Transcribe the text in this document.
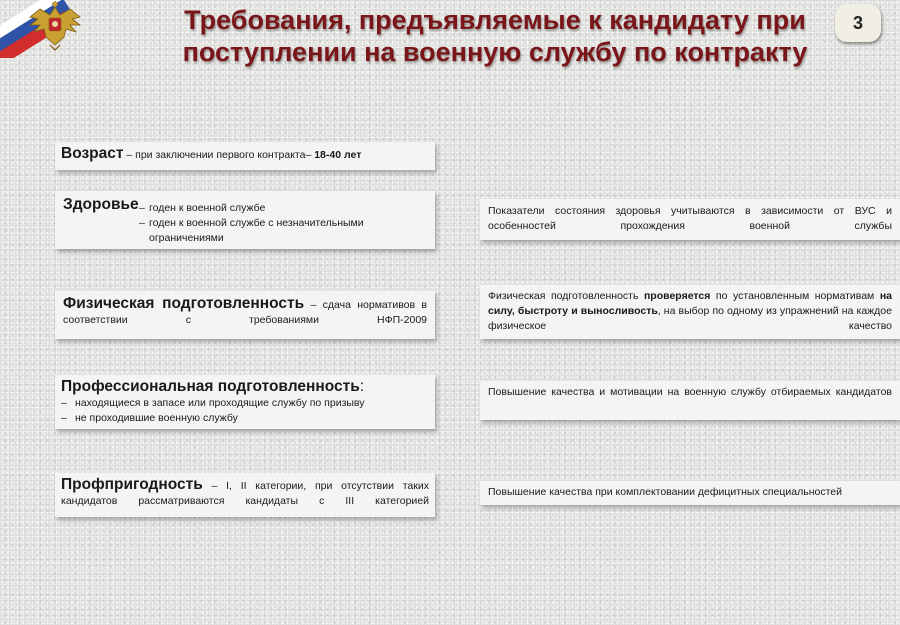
Требования, предъявляемые к кандидату при
поступлении на военную службу по контракту
3
Возраст – при заключении первого контракта– 18-40 лет
Здоровье – годен к военной службе
– годен к военной службе с незначительными ограничениями
Физическая подготовленность – сдача нормативов в соответствии с требованиями НФП-2009
Профессиональная подготовленность:
– находящиеся в запасе или проходящие службу по призыву
– не проходившие военную службу
Профпригодность – I, II категории, при отсутствии таких кандидатов рассматриваются кандидаты с III категорией
Показатели состояния здоровья учитываются в зависимости от ВУС и особенностей прохождения военной службы
Физическая подготовленность проверяется по установленным нормативам на силу, быстроту и выносливость, на выбор по одному из упражнений на каждое физическое качество
Повышение качества и мотивации на военную службу отбираемых кандидатов
Повышение качества при комплектовании дефицитных специальностей
